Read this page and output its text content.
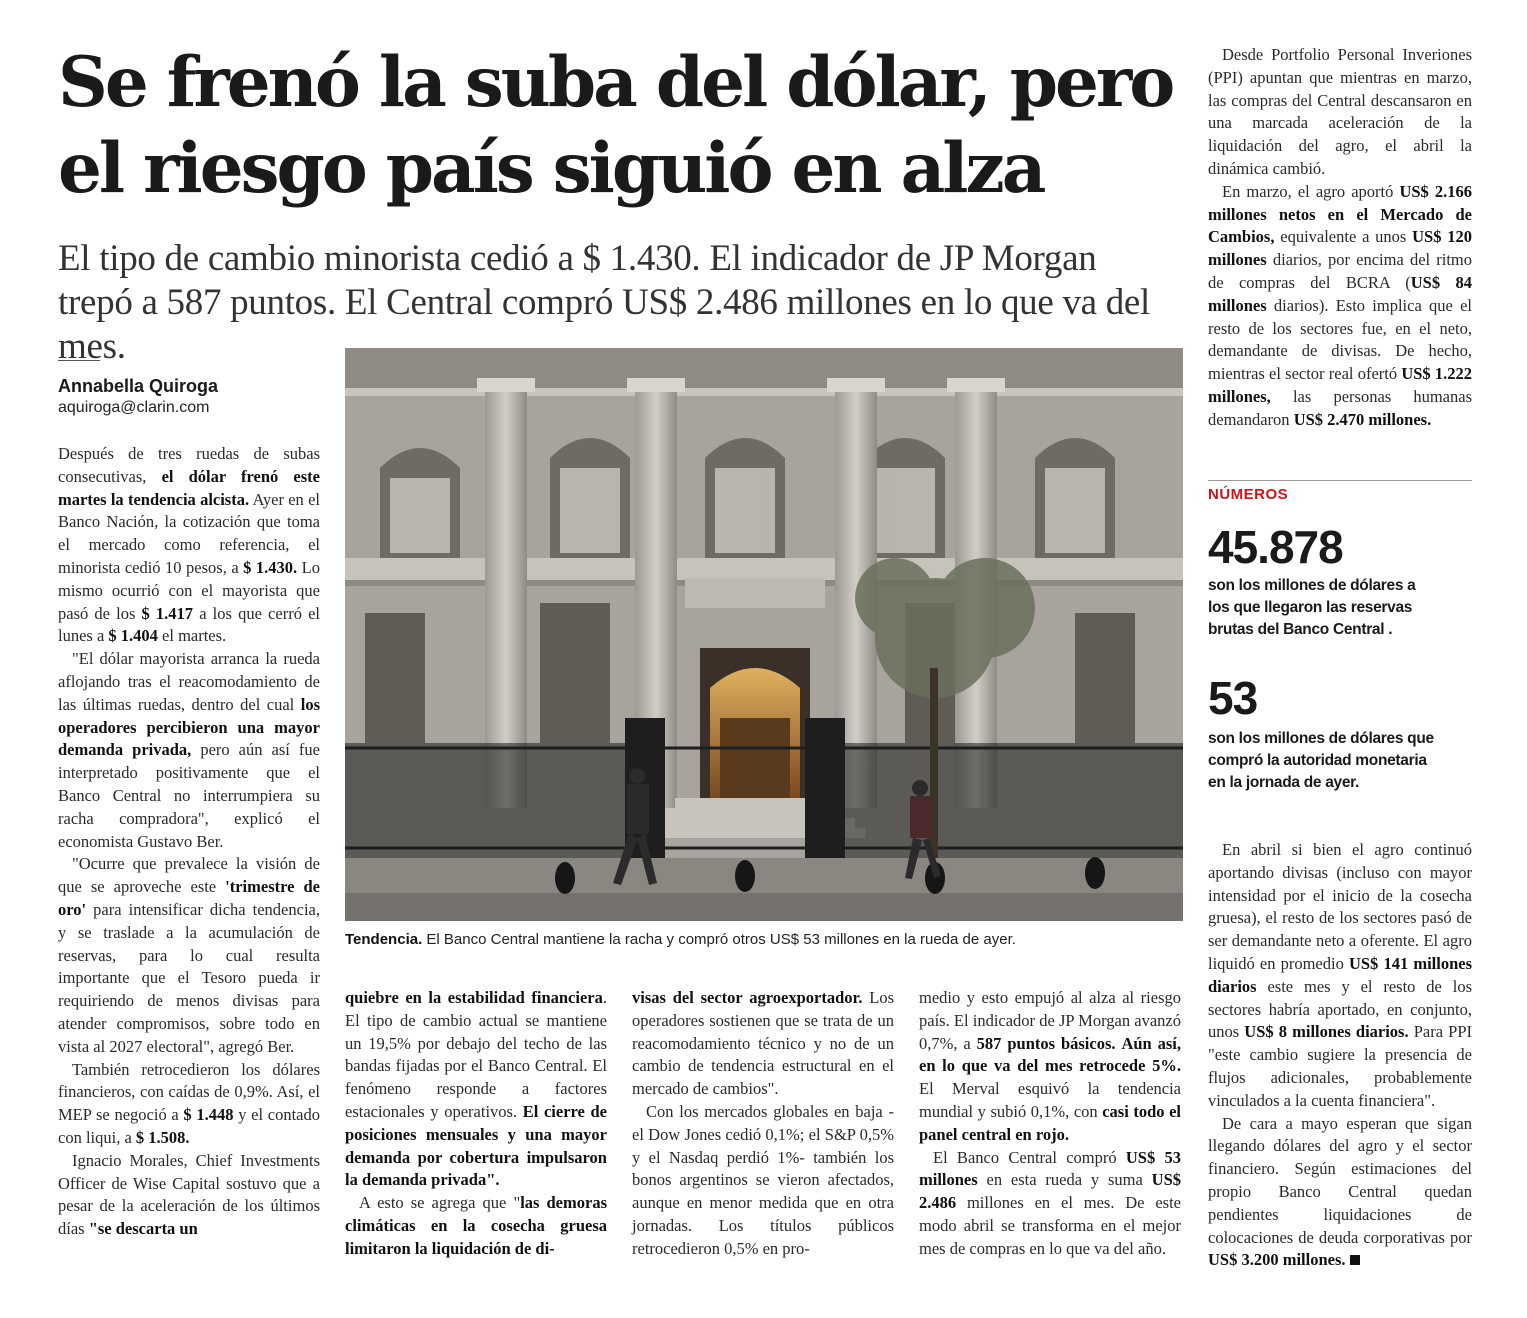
Se frenó la suba del dólar, pero el riesgo país siguió en alza

El tipo de cambio minorista cedió a $ 1.430. El indicador de JP Morgan trepó a 587 puntos. El Central compró US$ 2.486 millones en lo que va del mes.

Annabella Quiroga
aquiroga@clarin.com

Después de tres ruedas de subas consecutivas, el dólar frenó este martes la tendencia alcista. Ayer en el Banco Nación, la cotización que toma el mercado como referencia, el minorista cedió 10 pesos, a $ 1.430. Lo mismo ocurrió con el mayorista que pasó de los $ 1.417 a los que cerró el lunes a $ 1.404 el martes.

"El dólar mayorista arranca la rueda aflojando tras el reacomodamiento de las últimas ruedas, dentro del cual los operadores percibieron una mayor demanda privada, pero aún así fue interpretado positivamente que el Banco Central no interrumpiera su racha compradora", explicó el economista Gustavo Ber.

"Ocurre que prevalece la visión de que se aproveche este 'trimestre de oro' para intensificar dicha tendencia, y se traslade a la acumulación de reservas, para lo cual resulta importante que el Tesoro pueda ir requiriendo de menos divisas para atender compromisos, sobre todo en vista al 2027 electoral", agregó Ber.

También retrocedieron los dólares financieros, con caídas de 0,9%. Así, el MEP se negoció a $ 1.448 y el contado con liqui, a $ 1.508.

Ignacio Morales, Chief Investments Officer de Wise Capital sostuvo que a pesar de la aceleración de los últimos días "se descarta un

quiebre en la estabilidad financiera. El tipo de cambio actual se mantiene un 19,5% por debajo del techo de las bandas fijadas por el Banco Central. El fenómeno responde a factores estacionales y operativos. El cierre de posiciones mensuales y una mayor demanda por cobertura impulsaron la demanda privada".

A esto se agrega que "las demoras climáticas en la cosecha gruesa limitaron la liquidación de di-

visas del sector agroexportador. Los operadores sostienen que se trata de un reacomodamiento técnico y no de un cambio de tendencia estructural en el mercado de cambios".

Con los mercados globales en baja -el Dow Jones cedió 0,1%; el S&P 0,5% y el Nasdaq perdió 1%- también los bonos argentinos se vieron afectados, aunque en menor medida que en otra jornadas. Los títulos públicos retrocedieron 0,5% en pro-

medio y esto empujó al alza al riesgo país. El indicador de JP Morgan avanzó 0,7%, a 587 puntos básicos. Aún así, en lo que va del mes retrocede 5%. El Merval esquivó la tendencia mundial y subió 0,1%, con casi todo el panel central en rojo.

El Banco Central compró US$ 53 millones en esta rueda y suma US$ 2.486 millones en el mes. De este modo abril se transforma en el mejor mes de compras en lo que va del año.

Desde Portfolio Personal Inveriones (PPI) apuntan que mientras en marzo, las compras del Central descansaron en una marcada aceleración de la liquidación del agro, el abril la dinámica cambió.

En marzo, el agro aportó US$ 2.166 millones netos en el Mercado de Cambios, equivalente a unos US$ 120 millones diarios, por encima del ritmo de compras del BCRA (US$ 84 millones diarios). Esto implica que el resto de los sectores fue, en el neto, demandante de divisas. De hecho, mientras el sector real ofertó US$ 1.222 millones, las personas humanas demandaron US$ 2.470 millones.

En abril si bien el agro continuó aportando divisas (incluso con mayor intensidad por el inicio de la cosecha gruesa), el resto de los sectores pasó de ser demandante neto a oferente. El agro liquidó en promedio US$ 141 millones diarios este mes y el resto de los sectores habría aportado, en conjunto, unos US$ 8 millones diarios. Para PPI "este cambio sugiere la presencia de flujos adicionales, probablemente vinculados a la cuenta financiera".

De cara a mayo esperan que sigan llegando dólares del agro y el sector financiero. Según estimaciones del propio Banco Central quedan pendientes liquidaciones de colocaciones de deuda corporativas por US$ 3.200 millones.

Tendencia. El Banco Central mantiene la racha y compró otros US$ 53 millones en la rueda de ayer.
NÚMEROS
45.878
son los millones de dólares a los que llegaron las reservas brutas del Banco Central .
53
son los millones de dólares que compró la autoridad monetaria en la jornada de ayer.
